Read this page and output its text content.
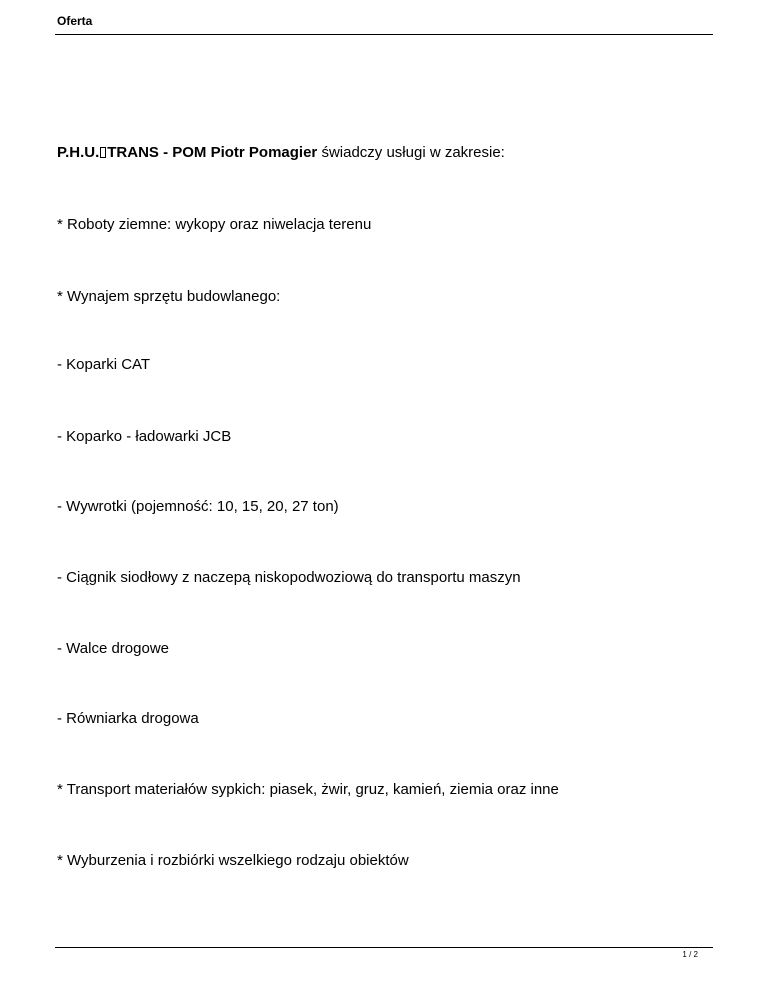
Oferta
P.H.U. TRANS - POM Piotr Pomagier świadczy usługi w zakresie:
* Roboty ziemne: wykopy oraz niwelacja terenu
* Wynajem sprzętu budowlanego:
- Koparki CAT
- Koparko - ładowarki JCB
- Wywrotki (pojemność: 10, 15, 20, 27 ton)
- Ciągnik siodłowy z naczepą niskopodwoziową do transportu maszyn
- Walce drogowe
- Równiarka drogowa
* Transport materiałów sypkich: piasek, żwir, gruz, kamień, ziemia oraz inne
* Wyburzenia i rozbiórki wszelkiego rodzaju obiektów
1 / 2
